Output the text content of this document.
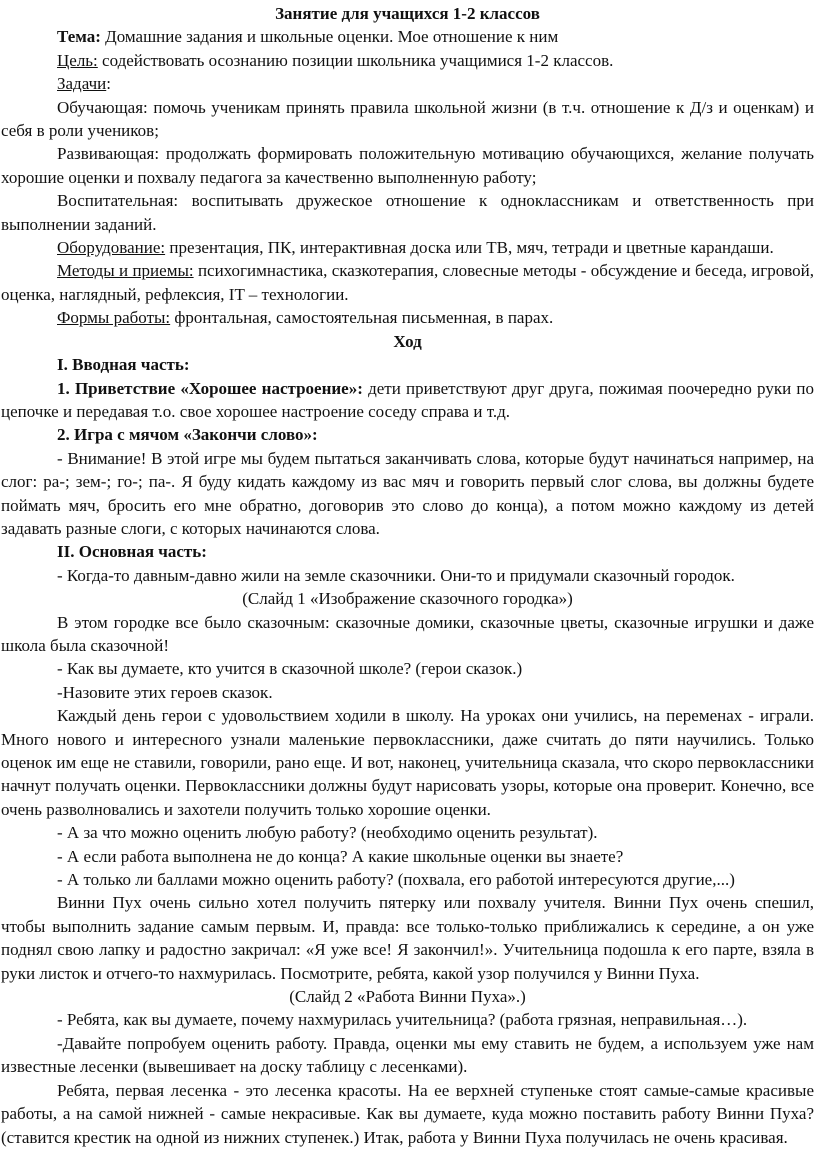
Занятие для учащихся 1-2 классов

Тема: Домашние задания и школьные оценки. Мое отношение к ним

Цель: содействовать осознанию позиции школьника учащимися 1-2 классов.

Задачи:

Обучающая: помочь ученикам принять правила школьной жизни (в т.ч. отношение к Д/з и оценкам) и себя в роли учеников;

Развивающая: продолжать формировать положительную мотивацию обучающихся, желание получать хорошие оценки и похвалу педагога за качественно выполненную работу;

Воспитательная: воспитывать дружеское отношение к одноклассникам и ответственность при выполнении заданий.

Оборудование: презентация, ПК, интерактивная доска или ТВ, мяч, тетради и цветные карандаши.

Методы и приемы: психогимнастика, сказкотерапия, словесные методы - обсуждение и беседа, игровой, оценка, наглядный, рефлексия, IT – технологии.

Формы работы: фронтальная, самостоятельная письменная, в парах.

Ход

I. Вводная часть:

1. Приветствие «Хорошее настроение»: дети приветствуют друг друга, пожимая поочередно руки по цепочке и передавая т.о. свое хорошее настроение соседу справа и т.д.

2. Игра с мячом «Закончи слово»:

- Внимание! В этой игре мы будем пытаться заканчивать слова, которые будут начинаться например, на слог: ра-; зем-; го-; па-. Я буду кидать каждому из вас мяч и говорить первый слог слова, вы должны будете поймать мяч, бросить его мне обратно, договорив это слово до конца), а потом можно каждому из детей задавать разные слоги, с которых начинаются слова.

II. Основная часть:

- Когда-то давным-давно жили на земле сказочники. Они-то и придумали сказочный городок.

(Слайд 1 «Изображение сказочного городка»)

В этом городке все было сказочным: сказочные домики, сказочные цветы, сказочные игрушки и даже школа была сказочной!

- Как вы думаете, кто учится в сказочной школе? (герои сказок.)

-Назовите этих героев сказок.

Каждый день герои с удовольствием ходили в школу. На уроках они учились, на переменах - играли. Много нового и интересного узнали маленькие первоклассники, даже считать до пяти научились. Только оценок им еще не ставили, говорили, рано еще. И вот, наконец, учительница сказала, что скоро первоклассники начнут получать оценки. Первоклассники должны будут нарисовать узоры, которые она проверит. Конечно, все очень разволновались и захотели получить только хорошие оценки.

- А за что можно оценить любую работу? (необходимо оценить результат).

- А если работа выполнена не до конца? А какие школьные оценки вы знаете?

- А только ли баллами можно оценить работу? (похвала, его работой интересуются другие,...)

Винни Пух очень сильно хотел получить пятерку или похвалу учителя. Винни Пух очень спешил, чтобы выполнить задание самым первым. И, правда: все только-только приближались к середине, а он уже поднял свою лапку и радостно закричал: «Я уже все! Я закончил!». Учительница подошла к его парте, взяла в руки листок и отчего-то нахмурилась. Посмотрите, ребята, какой узор получился у Винни Пуха.

(Слайд 2 «Работа Винни Пуха».)

- Ребята, как вы думаете, почему нахмурилась учительница? (работа грязная, неправильная…).

-Давайте попробуем оценить работу. Правда, оценки мы ему ставить не будем, а используем уже нам известные лесенки (вывешивает на доску таблицу с лесенками).

Ребята, первая лесенка - это лесенка красоты. На ее верхней ступеньке стоят самые-самые красивые работы, а на самой нижней - самые некрасивые. Как вы думаете, куда можно поставить работу Винни Пуха? (ставится крестик на одной из нижних ступенек.) Итак, работа у Винни Пуха получилась не очень красивая.
